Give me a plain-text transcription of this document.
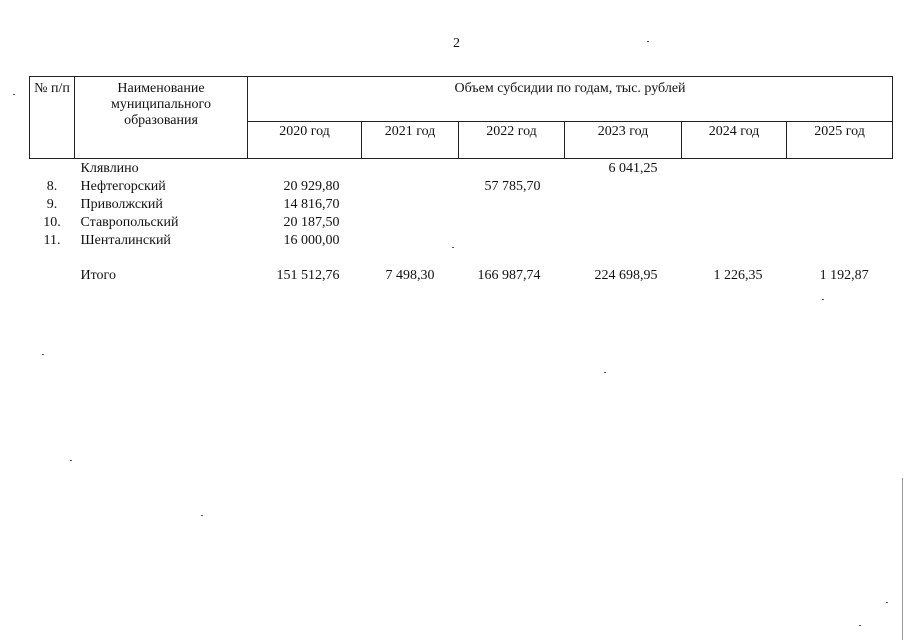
2
№ п/п	Наименование муниципального образования	Объем субсидии по годам, тыс. рублей					
		2020 год	2021 год	2022 год	2023 год	2024 год	2025 год
	Клявлино				6 041,25		
8.	Нефтегорский	20 929,80		57 785,70			
9.	Приволжский	14 816,70					
10.	Ставропольский	20 187,50					
11.	Шенталинский	16 000,00					

	Итого	151 512,76	7 498,30	166 987,74	224 698,95	1 226,35	1 192,87
